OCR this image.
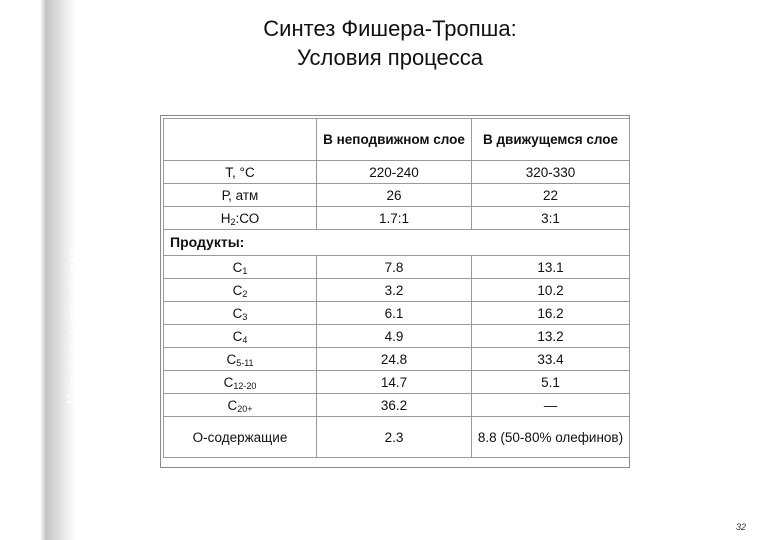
Катализ металлами
Синтез Фишера-Тропша:
Условия процесса
	В неподвижном слое	В движущемся слое
Т, °С	220-240	320-330
Р, атм	26	22
$Н_2:СО$	1.7:1	3:1
Продукты:		
$С_1$	7.8	13.1
$С_2$	3.2	10.2
$С_3$	6.1	16.2
$С_4$	4.9	13.2
$С_{5-11}$	24.8	33.4
$С_{12-20}$	14.7	5.1
$С_{20+}$	36.2	—
О-содержащие	2.3	8.8 (50-80% олефинов)
32
